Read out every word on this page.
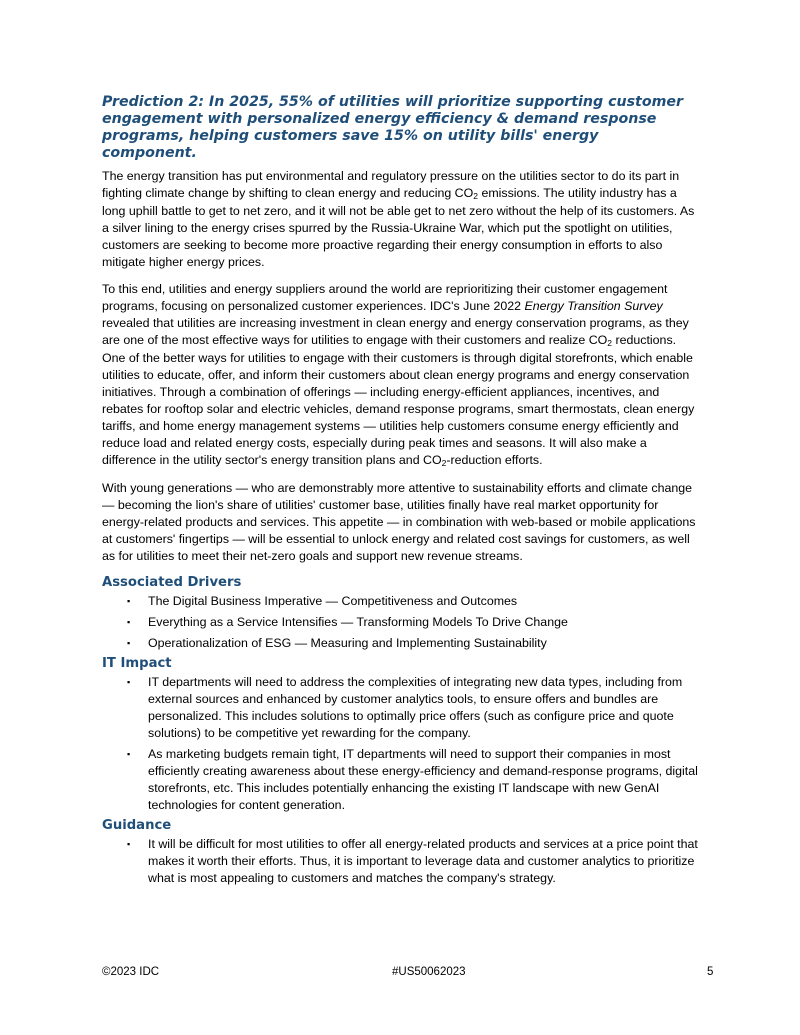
Prediction 2: In 2025, 55% of utilities will prioritize supporting customer engagement with personalized energy efficiency & demand response programs, helping customers save 15% on utility bills' energy component.

The energy transition has put environmental and regulatory pressure on the utilities sector to do its part in fighting climate change by shifting to clean energy and reducing CO2 emissions. The utility industry has a long uphill battle to get to net zero, and it will not be able get to net zero without the help of its customers. As a silver lining to the energy crises spurred by the Russia-Ukraine War, which put the spotlight on utilities, customers are seeking to become more proactive regarding their energy consumption in efforts to also mitigate higher energy prices.

To this end, utilities and energy suppliers around the world are reprioritizing their customer engagement programs, focusing on personalized customer experiences. IDC's June 2022 Energy Transition Survey revealed that utilities are increasing investment in clean energy and energy conservation programs, as they are one of the most effective ways for utilities to engage with their customers and realize CO2 reductions. One of the better ways for utilities to engage with their customers is through digital storefronts, which enable utilities to educate, offer, and inform their customers about clean energy programs and energy conservation initiatives. Through a combination of offerings — including energy-efficient appliances, incentives, and rebates for rooftop solar and electric vehicles, demand response programs, smart thermostats, clean energy tariffs, and home energy management systems — utilities help customers consume energy efficiently and reduce load and related energy costs, especially during peak times and seasons. It will also make a difference in the utility sector's energy transition plans and CO2-reduction efforts.

With young generations — who are demonstrably more attentive to sustainability efforts and climate change — becoming the lion's share of utilities' customer base, utilities finally have real market opportunity for energy-related products and services. This appetite — in combination with web-based or mobile applications at customers' fingertips — will be essential to unlock energy and related cost savings for customers, as well as for utilities to meet their net-zero goals and support new revenue streams.

Associated Drivers
▪ The Digital Business Imperative — Competitiveness and Outcomes
▪ Everything as a Service Intensifies — Transforming Models To Drive Change
▪ Operationalization of ESG — Measuring and Implementing Sustainability
IT Impact
▪ IT departments will need to address the complexities of integrating new data types, including from external sources and enhanced by customer analytics tools, to ensure offers and bundles are personalized. This includes solutions to optimally price offers (such as configure price and quote solutions) to be competitive yet rewarding for the company.
▪ As marketing budgets remain tight, IT departments will need to support their companies in most efficiently creating awareness about these energy-efficiency and demand-response programs, digital storefronts, etc. This includes potentially enhancing the existing IT landscape with new GenAI technologies for content generation.
Guidance
▪ It will be difficult for most utilities to offer all energy-related products and services at a price point that makes it worth their efforts. Thus, it is important to leverage data and customer analytics to prioritize what is most appealing to customers and matches the company's strategy.
©2023 IDC	#US50062023	5
